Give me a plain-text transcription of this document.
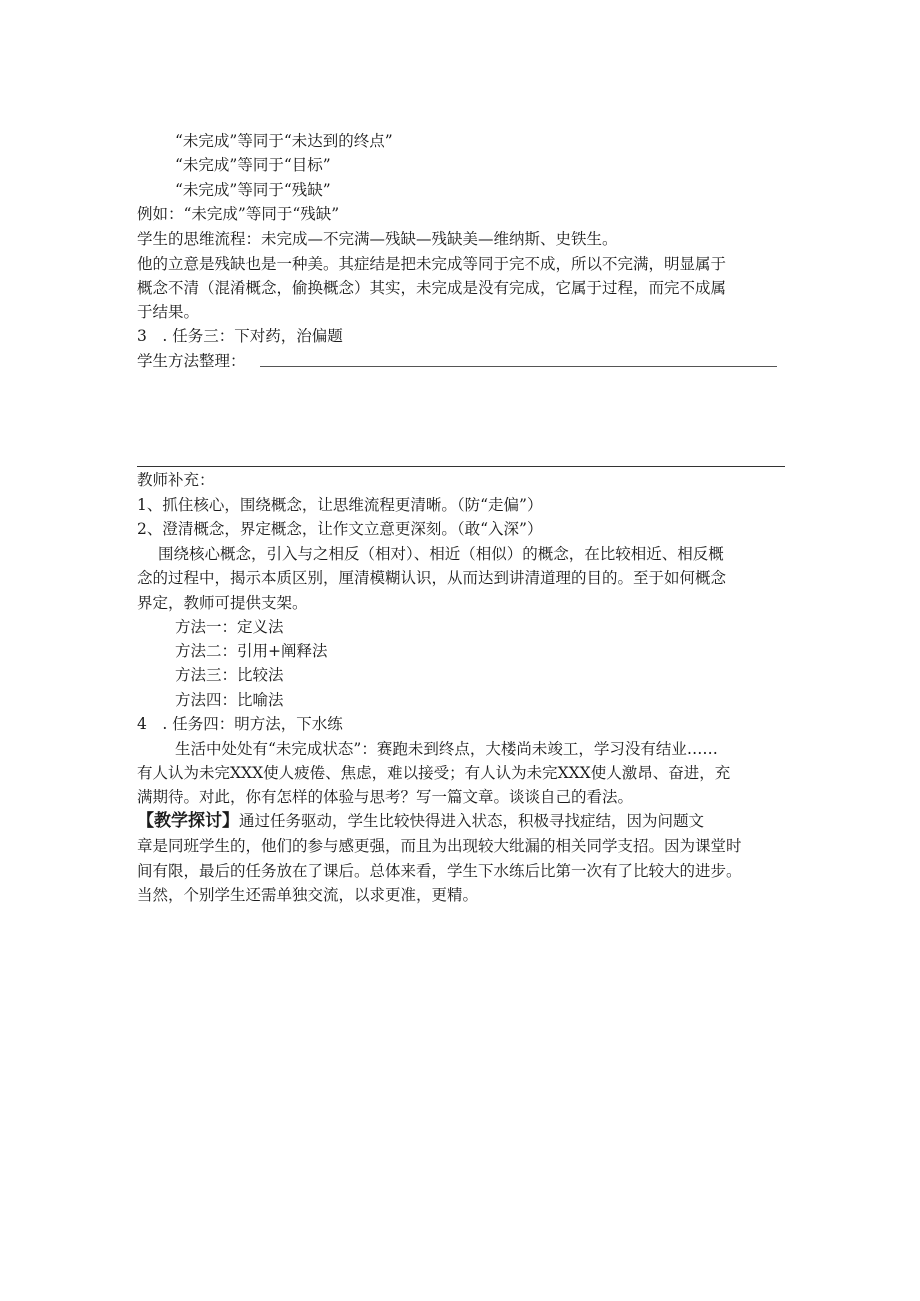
“未完成”等同于“未达到的终点”
“未完成”等同于“目标”
“未完成”等同于“残缺”
例如：“未完成”等同于“残缺”
学生的思维流程：未完成—不完满—残缺—残缺美—维纳斯、史铁生。
他的立意是残缺也是一种美。其症结是把未完成等同于完不成，所以不完满，明显属于
概念不清（混淆概念，偷换概念）其实，未完成是没有完成，它属于过程，而完不成属
于结果。
3　. 任务三：下对药，治偏题
学生方法整理：
教师补充：
1、抓住核心，围绕概念，让思维流程更清晰。（防“走偏”）
2、澄清概念，界定概念，让作文立意更深刻。（敢“入深”）
围绕核心概念，引入与之相反（相对）、相近（相似）的概念，在比较相近、相反概
念的过程中，揭示本质区别，厘清模糊认识，从而达到讲清道理的目的。至于如何概念
界定，教师可提供支架。
方法一：定义法
方法二：引用+阐释法
方法三：比较法
方法四：比喻法
4　. 任务四：明方法，下水练
生活中处处有“未完成状态”：赛跑未到终点，大楼尚未竣工，学习没有结业……
有人认为未完XXX使人疲倦、焦虑，难以接受；有人认为未完XXX使人激昂、奋进，充
满期待。对此，你有怎样的体验与思考？写一篇文章。谈谈自己的看法。
【教学探讨】通过任务驱动，学生比较快得进入状态，积极寻找症结，因为问题文
章是同班学生的，他们的参与感更强，而且为出现较大纰漏的相关同学支招。因为课堂时
间有限，最后的任务放在了课后。总体来看，学生下水练后比第一次有了比较大的进步。
当然，个别学生还需单独交流，以求更准，更精。
